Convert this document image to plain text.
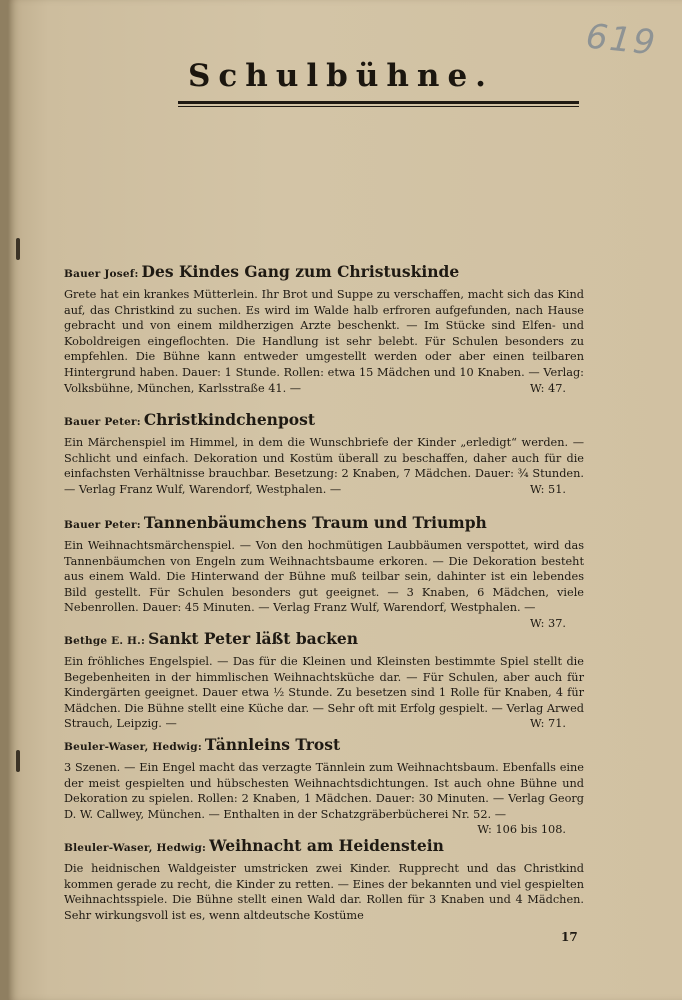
619
Schulbühne.
Bauer Josef: Des Kindes Gang zum Christuskinde
Grete hat ein krankes Mütterlein. Ihr Brot und Suppe zu verschaffen, macht sich das Kind auf, das Christkind zu suchen. Es wird im Walde halb erfroren aufgefunden, nach Hause gebracht und von einem mildherzigen Arzte beschenkt. — Im Stücke sind Elfen- und Koboldreigen eingeflochten. Die Handlung ist sehr belebt. Für Schulen besonders zu empfehlen. Die Bühne kann entweder umgestellt werden oder aber einen teilbaren Hintergrund haben. Dauer: 1 Stunde. Rollen: etwa 15 Mädchen und 10 Knaben. — Verlag: Volksbühne, München, Karlsstraße 41. —	W: 47.
Bauer Peter: Christkindchenpost
Ein Märchenspiel im Himmel, in dem die Wunschbriefe der Kinder „erledigt“ werden. — Schlicht und einfach. Dekoration und Kostüm überall zu beschaffen, daher auch für die einfachsten Verhältnisse brauchbar. Besetzung: 2 Knaben, 7 Mädchen. Dauer: ¾ Stunden. — Verlag Franz Wulf, Warendorf, Westphalen. —	W: 51.
Bauer Peter: Tannenbäumchens Traum und Triumph
Ein Weihnachtsmärchenspiel. — Von den hochmütigen Laubbäumen verspottet, wird das Tannenbäumchen von Engeln zum Weihnachtsbaume erkoren. — Die Dekoration besteht aus einem Wald. Die Hinterwand der Bühne muß teilbar sein, dahinter ist ein lebendes Bild gestellt. Für Schulen besonders gut geeignet. — 3 Knaben, 6 Mädchen, viele Nebenrollen. Dauer: 45 Minuten. — Verlag Franz Wulf, Warendorf, Westphalen. —
W: 37.
Bethge E. H.: Sankt Peter läßt backen
Ein fröhliches Engelspiel. — Das für die Kleinen und Kleinsten bestimmte Spiel stellt die Begebenheiten in der himmlischen Weihnachtsküche dar. — Für Schulen, aber auch für Kindergärten geeignet. Dauer etwa ½ Stunde. Zu besetzen sind 1 Rolle für Knaben, 4 für Mädchen. Die Bühne stellt eine Küche dar. — Sehr oft mit Erfolg gespielt. — Verlag Arwed Strauch, Leipzig. —	W: 71.
Beuler-Waser, Hedwig: Tännleins Trost
3 Szenen. — Ein Engel macht das verzagte Tännlein zum Weihnachtsbaum. Ebenfalls eine der meist gespielten und hübschesten Weihnachtsdichtungen. Ist auch ohne Bühne und Dekoration zu spielen. Rollen: 2 Knaben, 1 Mädchen. Dauer: 30 Minuten. — Verlag Georg D. W. Callwey, München. — Enthalten in der Schatzgräberbücherei Nr. 52. —
W: 106 bis 108.
Bleuler-Waser, Hedwig: Weihnacht am Heidenstein
Die heidnischen Waldgeister umstricken zwei Kinder. Rupprecht und das Christkind kommen gerade zu recht, die Kinder zu retten. — Eines der bekannten und viel gespielten Weihnachtsspiele. Die Bühne stellt einen Wald dar. Rollen für 3 Knaben und 4 Mädchen. Sehr wirkungsvoll ist es, wenn altdeutsche Kostüme
17
